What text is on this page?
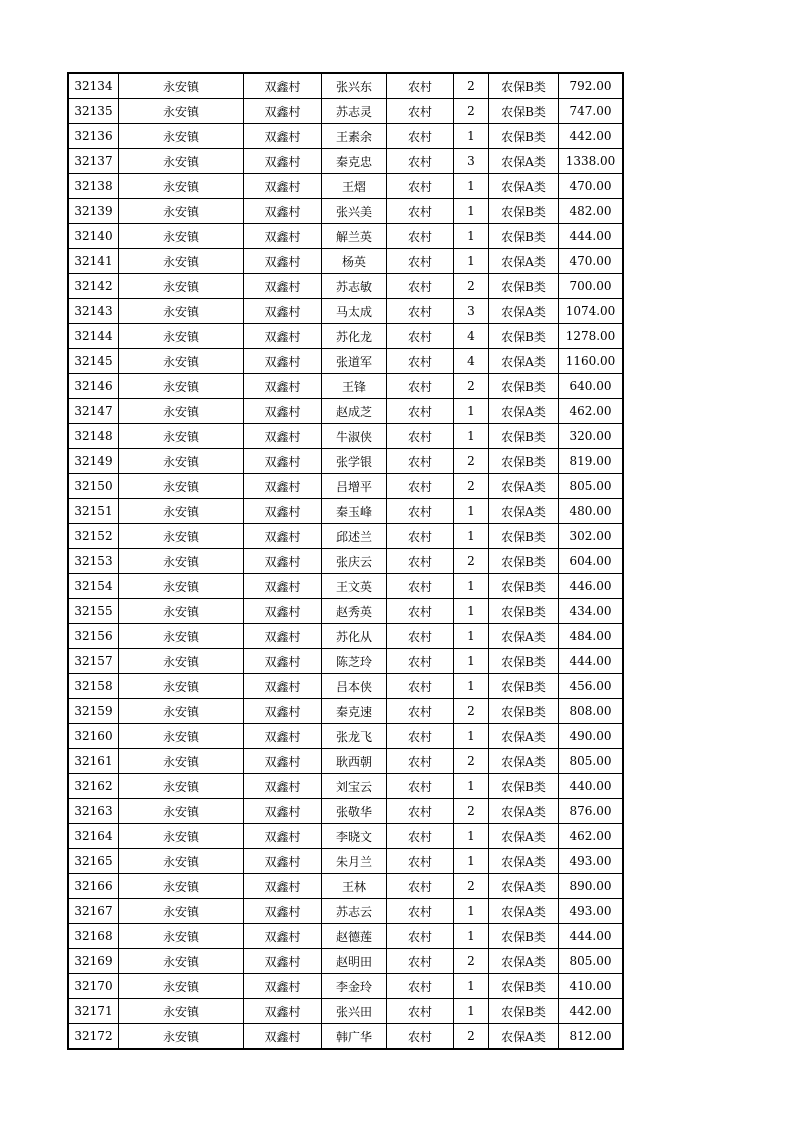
32134	永安镇	双鑫村	张兴东	农村	2	农保B类	792.00
32135	永安镇	双鑫村	苏志灵	农村	2	农保B类	747.00
32136	永安镇	双鑫村	王素余	农村	1	农保B类	442.00
32137	永安镇	双鑫村	秦克忠	农村	3	农保A类	1338.00
32138	永安镇	双鑫村	王熠	农村	1	农保A类	470.00
32139	永安镇	双鑫村	张兴美	农村	1	农保B类	482.00
32140	永安镇	双鑫村	解兰英	农村	1	农保B类	444.00
32141	永安镇	双鑫村	杨英	农村	1	农保A类	470.00
32142	永安镇	双鑫村	苏志敏	农村	2	农保B类	700.00
32143	永安镇	双鑫村	马太成	农村	3	农保A类	1074.00
32144	永安镇	双鑫村	苏化龙	农村	4	农保B类	1278.00
32145	永安镇	双鑫村	张道军	农村	4	农保A类	1160.00
32146	永安镇	双鑫村	王锋	农村	2	农保B类	640.00
32147	永安镇	双鑫村	赵成芝	农村	1	农保A类	462.00
32148	永安镇	双鑫村	牛淑侠	农村	1	农保B类	320.00
32149	永安镇	双鑫村	张学银	农村	2	农保B类	819.00
32150	永安镇	双鑫村	吕增平	农村	2	农保A类	805.00
32151	永安镇	双鑫村	秦玉峰	农村	1	农保A类	480.00
32152	永安镇	双鑫村	邱述兰	农村	1	农保B类	302.00
32153	永安镇	双鑫村	张庆云	农村	2	农保B类	604.00
32154	永安镇	双鑫村	王文英	农村	1	农保B类	446.00
32155	永安镇	双鑫村	赵秀英	农村	1	农保B类	434.00
32156	永安镇	双鑫村	苏化从	农村	1	农保A类	484.00
32157	永安镇	双鑫村	陈芝玲	农村	1	农保B类	444.00
32158	永安镇	双鑫村	吕本侠	农村	1	农保B类	456.00
32159	永安镇	双鑫村	秦克速	农村	2	农保B类	808.00
32160	永安镇	双鑫村	张龙飞	农村	1	农保A类	490.00
32161	永安镇	双鑫村	耿西朝	农村	2	农保A类	805.00
32162	永安镇	双鑫村	刘宝云	农村	1	农保B类	440.00
32163	永安镇	双鑫村	张敬华	农村	2	农保A类	876.00
32164	永安镇	双鑫村	李晓文	农村	1	农保A类	462.00
32165	永安镇	双鑫村	朱月兰	农村	1	农保A类	493.00
32166	永安镇	双鑫村	王林	农村	2	农保A类	890.00
32167	永安镇	双鑫村	苏志云	农村	1	农保A类	493.00
32168	永安镇	双鑫村	赵德莲	农村	1	农保B类	444.00
32169	永安镇	双鑫村	赵明田	农村	2	农保A类	805.00
32170	永安镇	双鑫村	李金玲	农村	1	农保B类	410.00
32171	永安镇	双鑫村	张兴田	农村	1	农保B类	442.00
32172	永安镇	双鑫村	韩广华	农村	2	农保A类	812.00
